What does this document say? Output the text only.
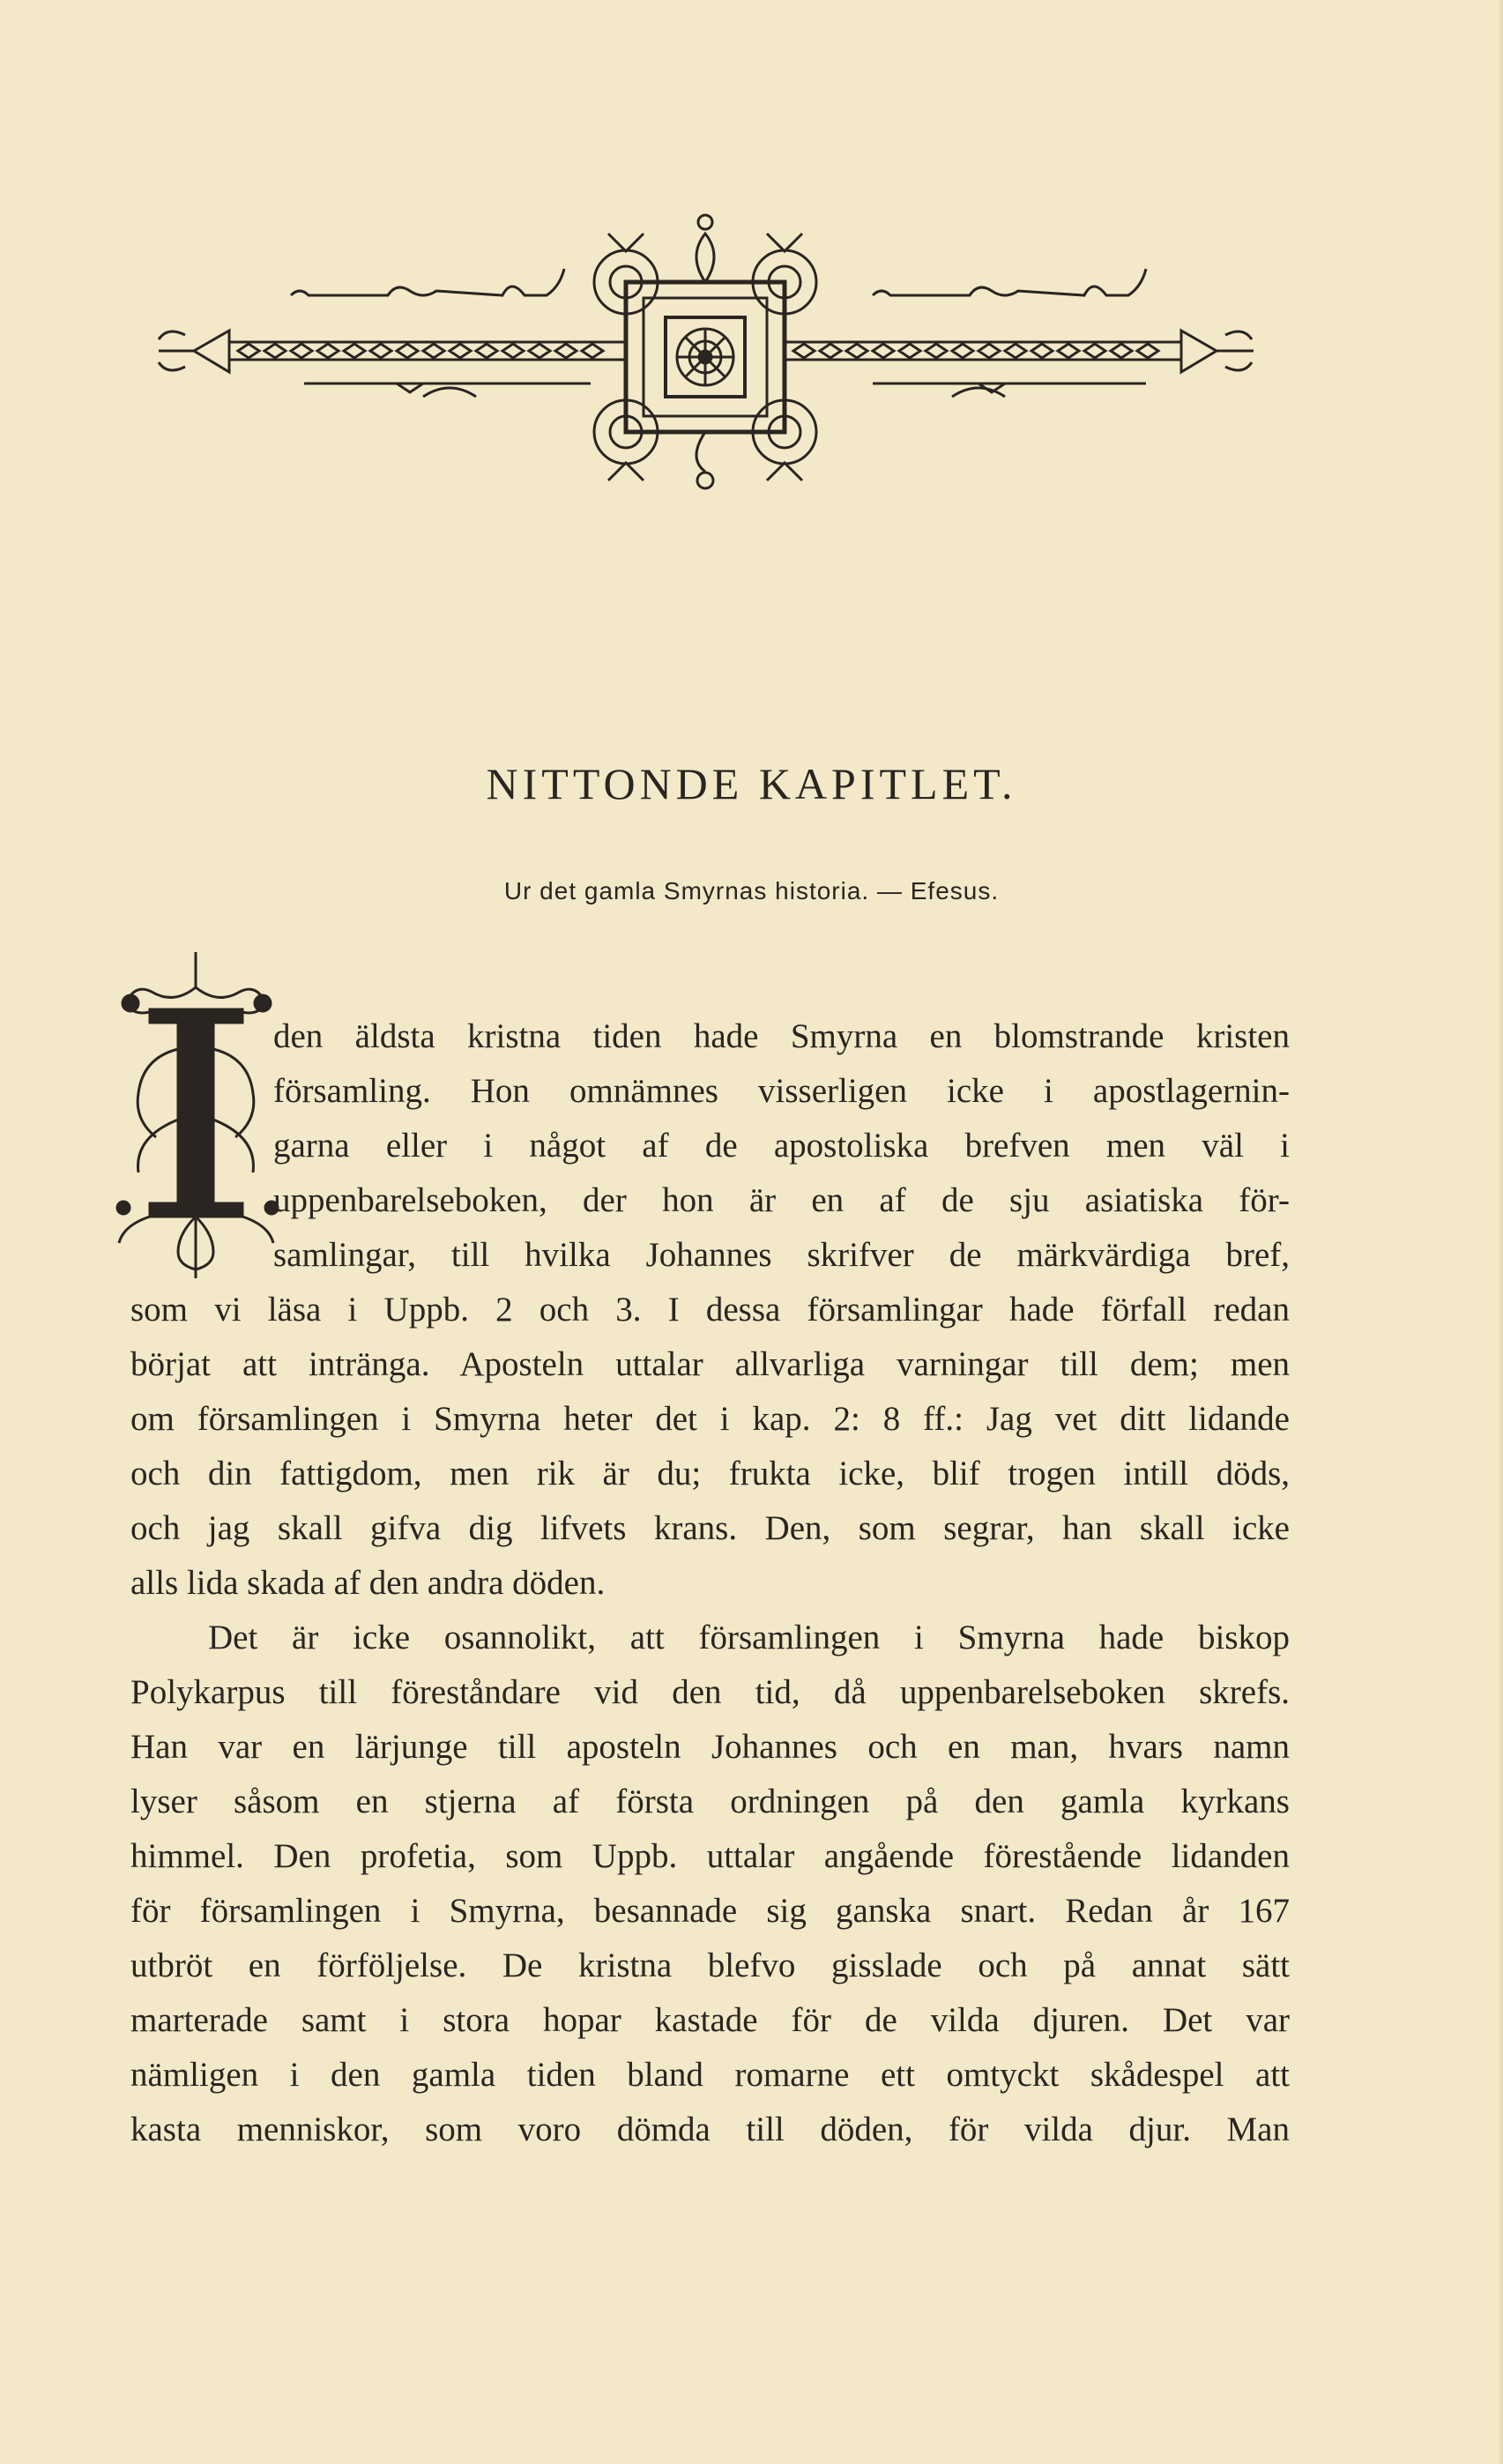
NITTONDE KAPITLET.
Ur det gamla Smyrnas historia. — Efesus.
den äldsta kristna tiden hade Smyrna en blomstrande kristen
församling. Hon omnämnes visserligen icke i apostlagernin-
garna eller i något af de apostoliska brefven men väl i
uppenbarelseboken, der hon är en af de sju asiatiska för-
samlingar, till hvilka Johannes skrifver de märkvärdiga bref,
som vi läsa i Uppb. 2 och 3. I dessa församlingar hade förfall redan
börjat att intränga. Aposteln uttalar allvarliga varningar till dem; men
om församlingen i Smyrna heter det i kap. 2: 8 ff.: Jag vet ditt lidande
och din fattigdom, men rik är du; frukta icke, blif trogen intill döds,
och jag skall gifva dig lifvets krans. Den, som segrar, han skall icke
alls lida skada af den andra döden.
Det är icke osannolikt, att församlingen i Smyrna hade biskop
Polykarpus till föreståndare vid den tid, då uppenbarelseboken skrefs.
Han var en lärjunge till aposteln Johannes och en man, hvars namn
lyser såsom en stjerna af första ordningen på den gamla kyrkans
himmel. Den profetia, som Uppb. uttalar angående förestående lidanden
för församlingen i Smyrna, besannade sig ganska snart. Redan år 167
utbröt en förföljelse. De kristna blefvo gisslade och på annat sätt
marterade samt i stora hopar kastade för de vilda djuren. Det var
nämligen i den gamla tiden bland romarne ett omtyckt skådespel att
kasta menniskor, som voro dömda till döden, för vilda djur. Man
